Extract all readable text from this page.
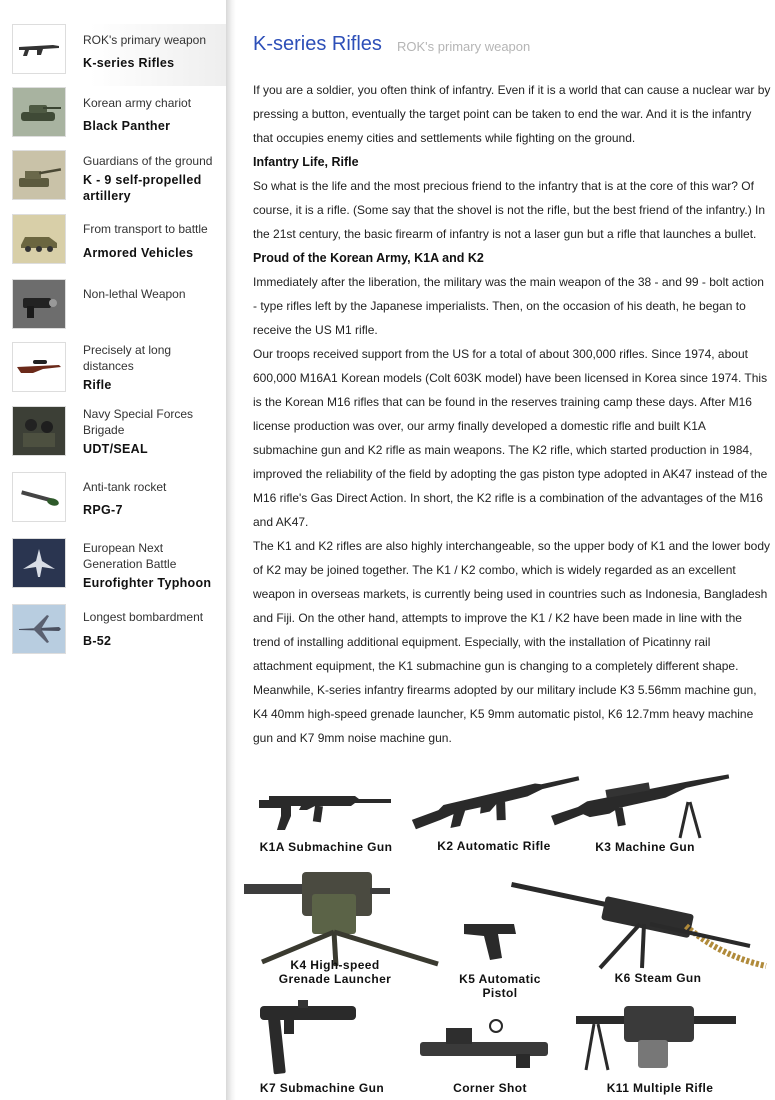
ROK's primary weapon
K-series Rifles
Korean army chariot
Black Panther
Guardians of the ground
K - 9 self-propelled artillery
From transport to battle
Armored Vehicles
Non-lethal Weapon
Precisely at long distances
Rifle
Navy Special Forces Brigade
UDT/SEAL
Anti-tank rocket
RPG-7
European Next Generation Battle
Eurofighter Typhoon
Longest bombardment
B-52
K-series Rifles ROK's primary weapon

If you are a soldier, you often think of infantry. Even if it is a world that can cause a nuclear war by pressing a button, eventually the target point can be taken to end the war. And it is the infantry that occupies enemy cities and settlements while fighting on the ground.

Infantry Life, Rifle

So what is the life and the most precious friend to the infantry that is at the core of this war? Of course, it is a rifle. (Some say that the shovel is not the rifle, but the best friend of the infantry.) In the 21st century, the basic firearm of infantry is not a laser gun but a rifle that launches a bullet.

Proud of the Korean Army, K1A and K2

Immediately after the liberation, the military was the main weapon of the 38 - and 99 - bolt action - type rifles left by the Japanese imperialists. Then, on the occasion of his death, he began to receive the US M1 rifle.

Our troops received support from the US for a total of about 300,000 rifles. Since 1974, about 600,000 M16A1 Korean models (Colt 603K model) have been licensed in Korea since 1974. This is the Korean M16 rifles that can be found in the reserves training camp these days. After M16 license production was over, our army finally developed a domestic rifle and built K1A submachine gun and K2 rifle as main weapons. The K2 rifle, which started production in 1984, improved the reliability of the field by adopting the gas piston type adopted in AK47 instead of the M16 rifle's Gas Direct Action. In short, the K2 rifle is a combination of the advantages of the M16 and AK47.

The K1 and K2 rifles are also highly interchangeable, so the upper body of K1 and the lower body of K2 may be joined together. The K1 / K2 combo, which is widely regarded as an excellent weapon in overseas markets, is currently being used in countries such as Indonesia, Bangladesh and Fiji. On the other hand, attempts to improve the K1 / K2 have been made in line with the trend of installing additional equipment. Especially, with the installation of Picatinny rail attachment equipment, the K1 submachine gun is changing to a completely different shape. Meanwhile, K-series infantry firearms adopted by our military include K3 5.56mm machine gun, K4 40mm high-speed grenade launcher, K5 9mm automatic pistol, K6 12.7mm heavy machine gun and K7 9mm noise machine gun.

K1A Submachine Gun	K2 Automatic Rifle	K3 Machine Gun
K4 High-speed
Grenade Launcher	K5 Automatic
Pistol
K6 Steam Gun
K7 Submachine Gun	Corner Shot	K11 Multiple Rifle
